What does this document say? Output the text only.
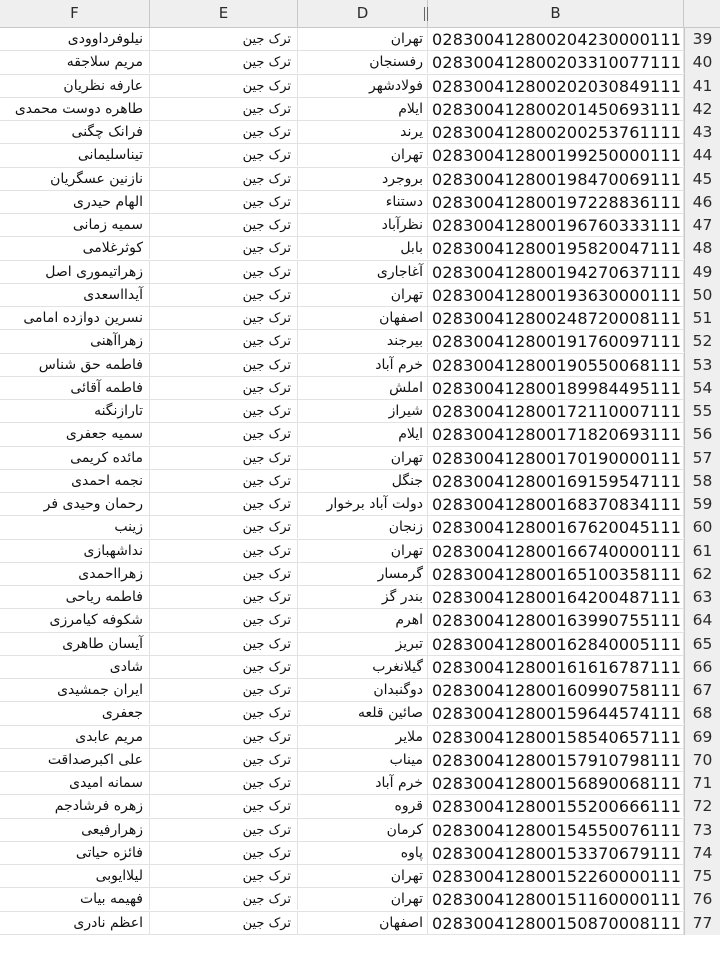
F	E	D	B
نیلوفرداوودی	ترک جین	تهران 028300412800204230000111 39
مریم سلاجقه	ترک جین	رفسنجان 028300412800203310077111 40
عارفه نظریان	ترک جین	فولادشهر 028300412800202030849111 41
طاهره دوست محمدی	ترک جین	ایلام 028300412800201450693111 42
فرانک چگنی	ترک جین	یرند 028300412800200253761111 43
تیناسلیمانی	ترک جین	تهران 028300412800199250000111 44
نازنین عسگریان	ترک جین	بروجرد 028300412800198470069111 45
الهام حیدری	ترک جین	دستناء 028300412800197228836111 46
سمیه زمانی	ترک جین	نظرآباد 028300412800196760333111 47
کوثرغلامی	ترک جین	بابل 028300412800195820047111 48
زهراتیموری اصل	ترک جین	آغاجاری 028300412800194270637111 49
آیدااسعدی	ترک جین	تهران 028300412800193630000111 50
نسرین دوازده امامی	ترک جین	اصفهان 028300412800248720008111 51
زهراآهنی	ترک جین	بیرجند 028300412800191760097111 52
فاطمه حق شناس	ترک جین	خرم آباد 028300412800190550068111 53
فاطمه آقائی	ترک جین	املش 028300412800189984495111 54
تارازنگنه	ترک جین	شیراز 028300412800172110007111 55
سمیه جعفری	ترک جین	ایلام 028300412800171820693111 56
مائده کریمی	ترک جین	تهران 028300412800170190000111 57
نجمه احمدی	ترک جین	جنگل 028300412800169159547111 58
رحمان وحیدی فر	ترک جین	دولت آباد برخوار 028300412800168370834111 59
زینب	ترک جین	زنجان 028300412800167620045111 60
نداشهبازی	ترک جین	تهران 028300412800166740000111 61
زهرااحمدی	ترک جین	گرمسار 028300412800165100358111 62
فاطمه ریاحی	ترک جین	بندر گز 028300412800164200487111 63
شکوفه کیامرزی	ترک جین	اهرم 028300412800163990755111 64
آیسان طاهری	ترک جین	تبریز 028300412800162840005111 65
شادی	ترک جین	گیلانغرب 028300412800161616787111 66
ایران جمشیدی	ترک جین	دوگنبدان 028300412800160990758111 67
جعفری	ترک جین	صائین قلعه 028300412800159644574111 68
مریم عابدی	ترک جین	ملایر 028300412800158540657111 69
علی اکبرصداقت	ترک جین	میناب 028300412800157910798111 70
سمانه امیدی	ترک جین	خرم آباد 028300412800156890068111 71
زهره فرشادجم	ترک جین	قروه 028300412800155200666111 72
زهرارفیعی	ترک جین	کرمان 028300412800154550076111 73
فائزه حیاتی	ترک جین	پاوه 028300412800153370679111 74
لیلاایوبی	ترک جین	تهران 028300412800152260000111 75
فهیمه بیات	ترک جین	تهران 028300412800151160000111 76
اعظم نادری	ترک جین	اصفهان 028300412800150870008111 77
